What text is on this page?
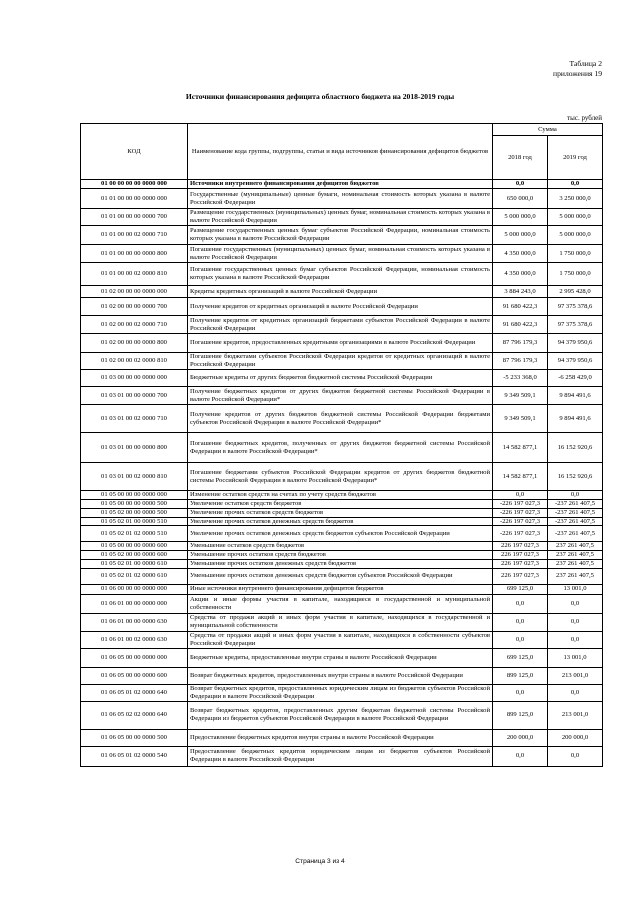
Таблица 2
приложения 19
Источники финансирования дефицита областного бюджета на 2018-2019 годы
тыс. рублей
КОД	Наименование кода группы, подгруппы, статьи и вида источников финансирования дефицитов бюджетов	Сумма	
		2018 год	2019 год
01 00 00 00 00 0000 000	Источники внутреннего финансирования дефицитов бюджетов	0,0	0,0
01 01 00 00 00 0000 000	Государственные (муниципальные) ценные бумаги, номинальная стоимость которых указана в валюте Российской Федерации	650 000,0	3 250 000,0
01 01 00 00 00 0000 700	Размещение государственных (муниципальных) ценных бумаг, номинальная стоимость которых указана в валюте Российской Федерации	5 000 000,0	5 000 000,0
01 01 00 00 02 0000 710	Размещение государственных ценных бумаг субъектов Российской Федерации, номинальная стоимость которых указана в валюте Российской Федерации	5 000 000,0	5 000 000,0
01 01 00 00 00 0000 800	Погашение государственных (муниципальных) ценных бумаг, номинальная стоимость которых указана в валюте Российской Федерации	4 350 000,0	1 750 000,0
01 01 00 00 02 0000 810	Погашение государственных ценных бумаг субъектов Российской Федерации, номинальная стоимость которых указана в валюте Российской Федерации	4 350 000,0	1 750 000,0
01 02 00 00 00 0000 000	Кредиты кредитных организаций в валюте Российской Федерации	3 884 243,0	2 995 428,0
01 02 00 00 00 0000 700	Получение кредитов от кредитных организаций в валюте Российской Федерации	91 680 422,3	97 375 378,6
01 02 00 00 02 0000 710	Получение кредитов от кредитных организаций бюджетами субъектов Российской Федерации в валюте Российской Федерации	91 680 422,3	97 375 378,6
01 02 00 00 00 0000 800	Погашение кредитов, предоставленных кредитными организациями в валюте Российской Федерации	87 796 179,3	94 379 950,6
01 02 00 00 02 0000 810	Погашение бюджетами субъектов Российской Федерации кредитов от кредитных организаций в валюте Российской Федерации	87 796 179,3	94 379 950,6
01 03 00 00 00 0000 000	Бюджетные кредиты от других бюджетов бюджетной системы Российской Федерации	-5 233 368,0	-6 258 429,0
01 03 01 00 00 0000 700	Получение бюджетных кредитов от других бюджетов бюджетной системы Российской Федерации в валюте Российской Федерации*	9 349 509,1	9 894 491,6
01 03 01 00 02 0000 710	Получение кредитов от других бюджетов бюджетной системы Российской Федерации бюджетами субъектов Российской Федерации в валюте Российской Федерации*	9 349 509,1	9 894 491,6
01 03 01 00 00 0000 800	Погашение бюджетных кредитов, полученных от других бюджетов бюджетной системы Российской Федерации в валюте Российской Федерации*	14 582 877,1	16 152 920,6
01 03 01 00 02 0000 810	Погашение бюджетами субъектов Российской Федерации кредитов от других бюджетов бюджетной системы Российской Федерации в валюте Российской Федерации*	14 582 877,1	16 152 920,6
01 05 00 00 00 0000 000	Изменение остатков средств на счетах по учету средств бюджетов	0,0	0,0
01 05 00 00 00 0000 500	Увеличение остатков средств бюджетов	-226 197 027,3	-237 261 407,5
01 05 02 00 00 0000 500	Увеличение прочих остатков средств бюджетов	-226 197 027,3	-237 261 407,5
01 05 02 01 00 0000 510	Увеличение прочих остатков денежных средств бюджетов	-226 197 027,3	-237 261 407,5
01 05 02 01 02 0000 510	Увеличение прочих остатков денежных средств бюджетов субъектов Российской Федерации	-226 197 027,3	-237 261 407,5
01 05 00 00 00 0000 600	Уменьшение остатков средств бюджетов	226 197 027,3	237 261 407,5
01 05 02 00 00 0000 600	Уменьшение прочих остатков средств бюджетов	226 197 027,3	237 261 407,5
01 05 02 01 00 0000 610	Уменьшение прочих остатков денежных средств бюджетов	226 197 027,3	237 261 407,5
01 05 02 01 02 0000 610	Уменьшение прочих остатков денежных средств бюджетов субъектов Российской Федерации	226 197 027,3	237 261 407,5
01 06 00 00 00 0000 000	Иные источники внутреннего финансирования дефицитов бюджетов	699 125,0	13 001,0
01 06 01 00 00 0000 000	Акции и иные формы участия в капитале, находящиеся в государственной и муниципальной собственности	0,0	0,0
01 06 01 00 00 0000 630	Средства от продажи акций и иных форм участия в капитале, находящихся в государственной и муниципальной собственности	0,0	0,0
01 06 01 00 02 0000 630	Средства от продажи акций и иных форм участия в капитале, находящихся в собственности субъектов Российской Федерации	0,0	0,0
01 06 05 00 00 0000 000	Бюджетные кредиты, предоставленные внутри страны в валюте Российской Федерации	699 125,0	13 001,0
01 06 05 00 00 0000 600	Возврат бюджетных кредитов, предоставленных внутри страны в валюте Российской Федерации	899 125,0	213 001,0
01 06 05 01 02 0000 640	Возврат бюджетных кредитов, предоставленных юридическим лицам из бюджетов субъектов Российской Федерации в валюте Российской Федерации	0,0	0,0
01 06 05 02 02 0000 640	Возврат бюджетных кредитов, предоставленных другим бюджетам бюджетной системы Российской Федерации из бюджетов субъектов Российской Федерации в валюте Российской Федерации	899 125,0	213 001,0
01 06 05 00 00 0000 500	Предоставление бюджетных кредитов внутри страны в валюте Российской Федерации	200 000,0	200 000,0
01 06 05 01 02 0000 540	Предоставление бюджетных кредитов юридическим лицам из бюджетов субъектов Российской Федерации в валюте Российской Федерации	0,0	0,0
Страница 3 из 4
